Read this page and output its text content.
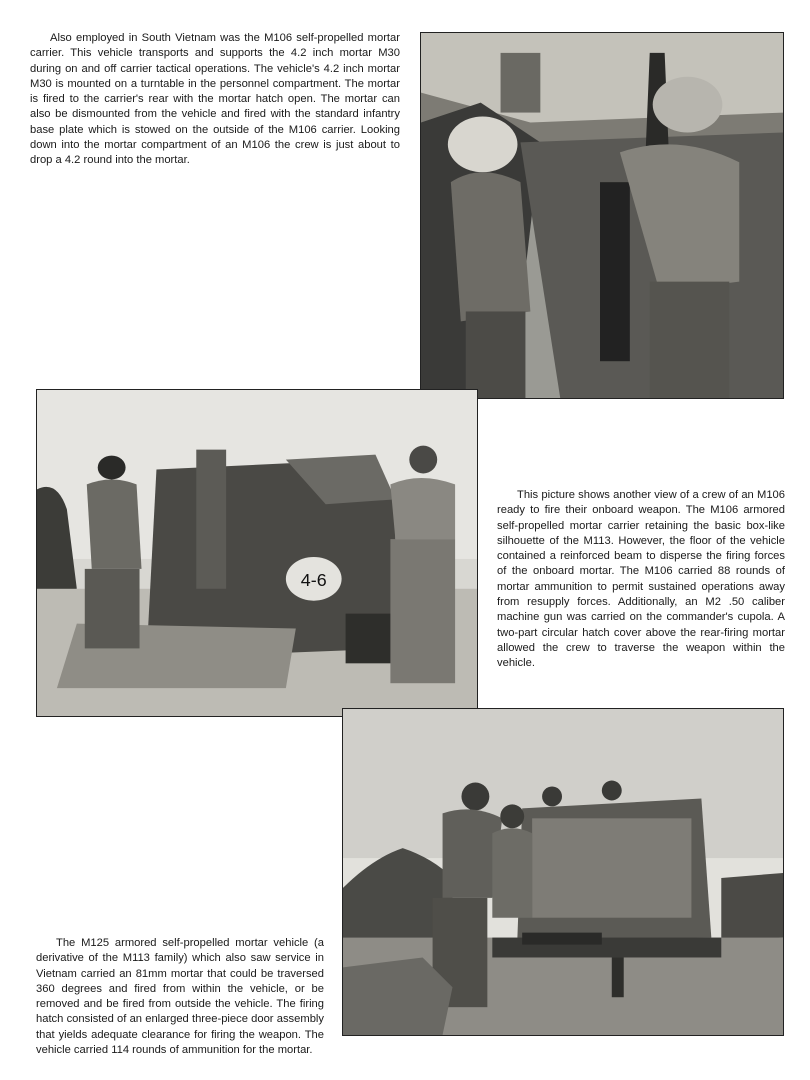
Also employed in South Vietnam was the M106 self-propelled mortar carrier. This vehicle transports and supports the 4.2 inch mortar M30 during on and off carrier tactical operations. The vehicle's 4.2 inch mortar M30 is mounted on a turntable in the personnel compartment. The mortar is fired to the carrier's rear with the mortar hatch open. The mortar can also be dismounted from the vehicle and fired with the standard infantry base plate which is stowed on the outside of the M106 carrier. Looking down into the mortar compartment of an M106 the crew is just about to drop a 4.2 round into the mortar.

4-6

This picture shows another view of a crew of an M106 ready to fire their onboard weapon. The M106 armored self-propelled mortar carrier retaining the basic box-like silhouette of the M113. However, the floor of the vehicle contained a reinforced beam to disperse the firing forces of the onboard mortar. The M106 carried 88 rounds of mortar ammunition to permit sustained operations away from resupply forces. Additionally, an M2 .50 caliber machine gun was carried on the commander's cupola. A two-part circular hatch cover above the rear-firing mortar allowed the crew to traverse the weapon within the vehicle.

The M125 armored self-propelled mortar vehicle (a derivative of the M113 family) which also saw service in Vietnam carried an 81mm mortar that could be traversed 360 degrees and fired from within the vehicle, or be removed and be fired from outside the vehicle. The firing hatch consisted of an enlarged three-piece door assembly that yields adequate clearance for firing the weapon. The vehicle carried 114 rounds of ammunition for the mortar.
